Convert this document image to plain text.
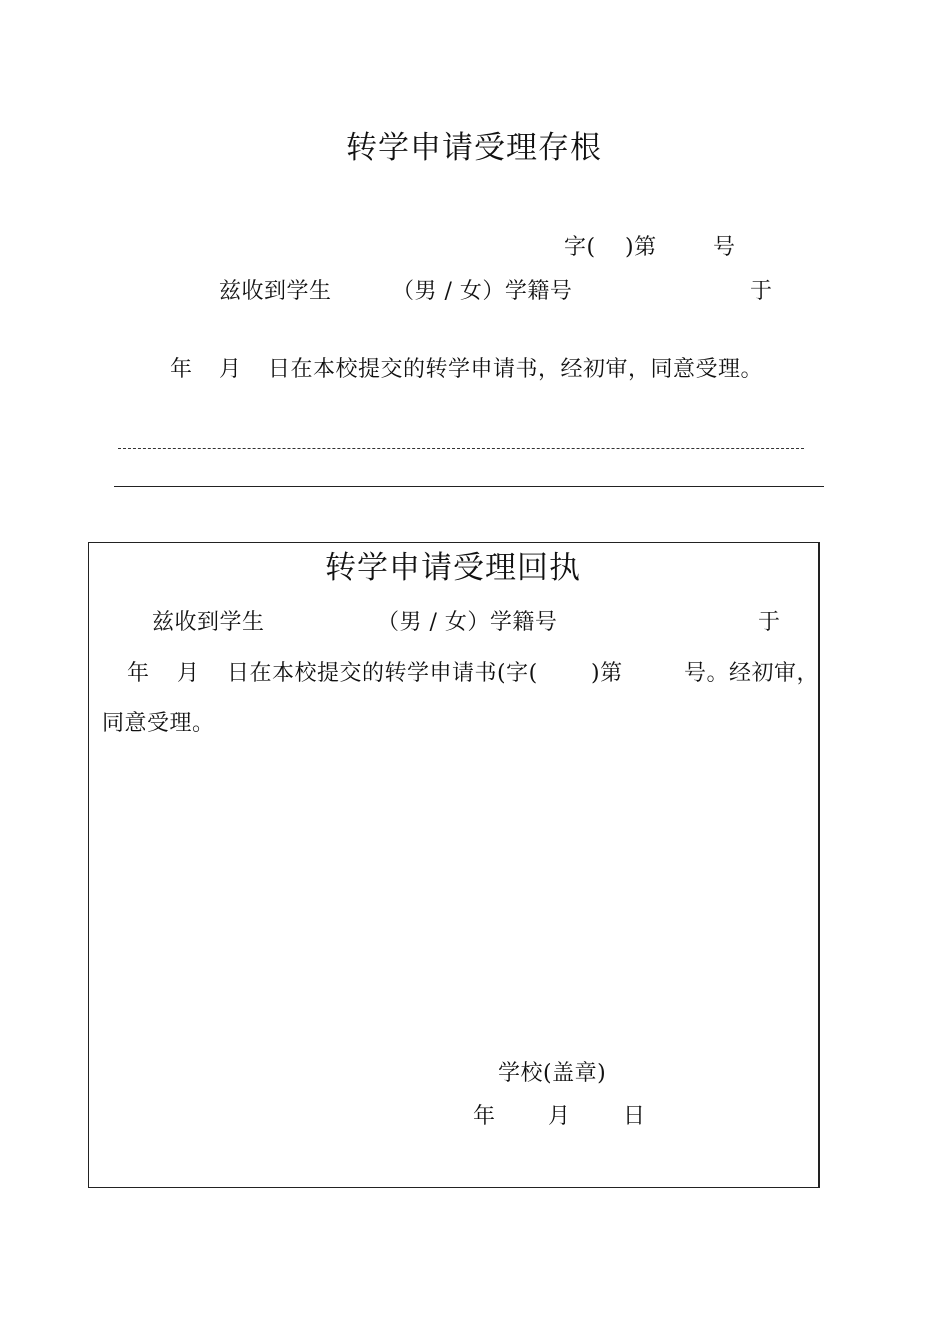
转学申请受理存根
字( )第	号
兹收到学生	（男 / 女）学籍号	于
年 月 日在本校提交的转学申请书，经初审，同意受理。
转学申请受理回执
兹收到学生	（男 / 女）学籍号	于
年 月 日在本校提交的转学申请书(字( )第	号。经初审，
同意受理。
学校(盖章)
年 月 日
